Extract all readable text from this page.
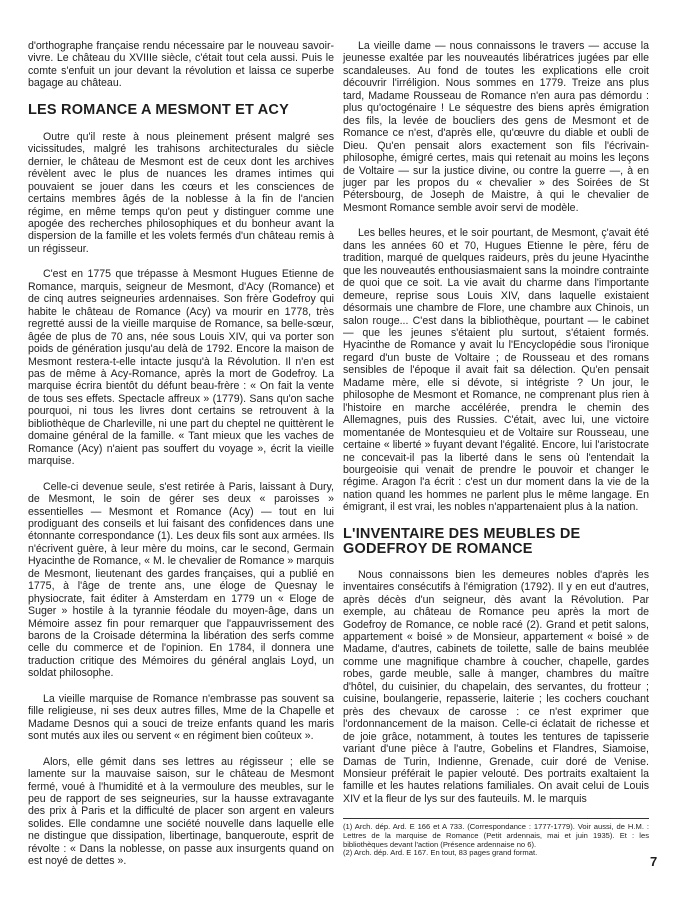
d'orthographe française rendu nécessaire par le nouveau savoir-vivre. Le château du XVIIIe siècle, c'était tout cela aussi. Puis le comte s'enfuit un jour devant la révolution et laissa ce superbe bagage au château.

LES ROMANCE A MESMONT ET ACY

Outre qu'il reste à nous pleinement présent malgré ses vicissitudes, malgré les trahisons architecturales du siècle dernier, le château de Mesmont est de ceux dont les archives révèlent avec le plus de nuances les drames intimes qui pouvaient se jouer dans les cœurs et les consciences de certains membres âgés de la noblesse à la fin de l'ancien régime, en même temps qu'on peut y distinguer comme une apogée des recherches philosophiques et du bonheur avant la dispersion de la famille et les volets fermés d'un château remis à un régisseur.

C'est en 1775 que trépasse à Mesmont Hugues Etienne de Romance, marquis, seigneur de Mesmont, d'Acy (Romance) et de cinq autres seigneuries ardennaises. Son frère Godefroy qui habite le château de Romance (Acy) va mourir en 1778, très regretté aussi de la vieille marquise de Romance, sa belle-sœur, âgée de plus de 70 ans, née sous Louis XIV, qui va porter son poids de génération jusqu'au delà de 1792. Encore la maison de Mesmont restera-t-elle intacte jusqu'à la Révolution. Il n'en est pas de même à Acy-Romance, après la mort de Godefroy. La marquise écrira bientôt du défunt beau-frère : « On fait la vente de tous ses effets. Spectacle affreux » (1779). Sans qu'on sache pourquoi, ni tous les livres dont certains se retrouvent à la bibliothèque de Charleville, ni une part du cheptel ne quittèrent le domaine général de la famille. « Tant mieux que les vaches de Romance (Acy) n'aient pas souffert du voyage », écrit la vieille marquise.

Celle-ci devenue seule, s'est retirée à Paris, laissant à Dury, de Mesmont, le soin de gérer ses deux « paroisses » essentielles — Mesmont et Romance (Acy) — tout en lui prodiguant des conseils et lui faisant des confidences dans une étonnante correspondance (1). Les deux fils sont aux armées. Ils n'écrivent guère, à leur mère du moins, car le second, Germain Hyacinthe de Romance, « M. le chevalier de Romance » marquis de Mesmont, lieutenant des gardes françaises, qui a publié en 1775, à l'âge de trente ans, une éloge de Quesnay le physiocrate, fait éditer à Amsterdam en 1779 un « Eloge de Suger » hostile à la tyrannie féodale du moyen-âge, dans un Mémoire assez fin pour remarquer que l'appauvrissement des barons de la Croisade détermina la libération des serfs comme celle du commerce et de l'opinion. En 1784, il donnera une traduction critique des Mémoires du général anglais Loyd, un soldat philosophe.

La vieille marquise de Romance n'embrasse pas souvent sa fille religieuse, ni ses deux autres filles, Mme de la Chapelle et Madame Desnos qui a souci de treize enfants quand les maris sont mutés aux iles ou servent « en régiment bien coûteux ».

Alors, elle gémit dans ses lettres au régisseur ; elle se lamente sur la mauvaise saison, sur le château de Mesmont fermé, voué à l'humidité et à la vermoulure des meubles, sur le peu de rapport de ses seigneuries, sur la hausse extravagante des prix à Paris et la difficulté de placer son argent en valeurs solides. Elle condamne une société nouvelle dans laquelle elle ne distingue que dissipation, libertinage, banqueroute, esprit de révolte : « Dans la noblesse, on passe aux insurgents quand on est noyé de dettes ».

La vieille dame — nous connaissons le travers — accuse la jeunesse exaltée par les nouveautés libératrices jugées par elle scandaleuses. Au fond de toutes les explications elle croit découvrir l'irréligion. Nous sommes en 1779. Treize ans plus tard, Madame Rousseau de Romance n'en aura pas démordu : plus qu'octogénaire ! Le séquestre des biens après émigration des fils, la levée de boucliers des gens de Mesmont et de Romance ce n'est, d'après elle, qu'œuvre du diable et oubli de Dieu. Qu'en pensait alors exactement son fils l'écrivain-philosophe, émigré certes, mais qui retenait au moins les leçons de Voltaire — sur la justice divine, ou contre la guerre —, à en juger par les propos du « chevalier » des Soirées de St Pétersbourg, de Joseph de Maistre, à qui le chevalier de Mesmont Romance semble avoir servi de modèle.

Les belles heures, et le soir pourtant, de Mesmont, ç'avait été dans les années 60 et 70, Hugues Etienne le père, féru de tradition, marqué de quelques raideurs, près du jeune Hyacinthe que les nouveautés enthousiasmaient sans la moindre contrainte de quoi que ce soit. La vie avait du charme dans l'importante demeure, reprise sous Louis XIV, dans laquelle existaient désormais une chambre de Flore, une chambre aux Chinois, un salon rouge... C'est dans la bibliothèque, pourtant — le cabinet — que les jeunes s'étaient plu surtout, s'étaient formés. Hyacinthe de Romance y avait lu l'Encyclopédie sous l'ironique regard d'un buste de Voltaire ; de Rousseau et des romans sensibles de l'époque il avait fait sa délection. Qu'en pensait Madame mère, elle si dévote, si intégriste ? Un jour, le philosophe de Mesmont et Romance, ne comprenant plus rien à l'histoire en marche accélérée, prendra le chemin des Allemagnes, puis des Russies. C'était, avec lui, une victoire momentanée de Montesquieu et de Voltaire sur Rousseau, une certaine « liberté » fuyant devant l'égalité. Encore, lui l'aristocrate ne concevait-il pas la liberté dans le sens où l'entendait la bourgeoisie qui venait de prendre le pouvoir et changer le régime. Aragon l'a écrit : c'est un dur moment dans la vie de la nation quand les hommes ne parlent plus le même langage. En émigrant, il est vrai, les nobles n'appartenaient plus à la nation.

L'INVENTAIRE DES MEUBLES DE GODEFROY DE ROMANCE

Nous connaissons bien les demeures nobles d'après les inventaires consécutifs à l'émigration (1792). Il y en eut d'autres, après décès d'un seigneur, dès avant la Révolution. Par exemple, au château de Romance peu après la mort de Godefroy de Romance, ce noble racé (2). Grand et petit salons, appartement « boisé » de Monsieur, appartement « boisé » de Madame, d'autres, cabinets de toilette, salle de bains meublée comme une magnifique chambre à coucher, chapelle, gardes robes, garde meuble, salle à manger, chambres du maître d'hôtel, du cuisinier, du chapelain, des servantes, du frotteur ; cuisine, boulangerie, repasserie, laiterie ; les cochers couchant près des chevaux de carosse : ce n'est exprimer que l'ordonnancement de la maison. Celle-ci éclatait de richesse et de joie grâce, notamment, à toutes les tentures de tapisserie variant d'une pièce à l'autre, Gobelins et Flandres, Siamoise, Damas de Turin, Indienne, Grenade, cuir doré de Venise. Monsieur préférait le papier velouté. Des portraits exaltaient la famille et les hautes relations familiales. On avait celui de Louis XIV et la fleur de lys sur des fauteuils. M. le marquis

(1) Arch. dép. Ard. E 166 et A 733. (Correspondance : 1777-1779). Voir aussi, de H.M. : Lettres de la marquise de Romance (Petit ardennais, mai et juin 1935). Et : les bibliothèques devant l'action (Présence ardennaise no 6).
(2) Arch. dép. Ard. E 167. En tout, 83 pages grand format.
7
